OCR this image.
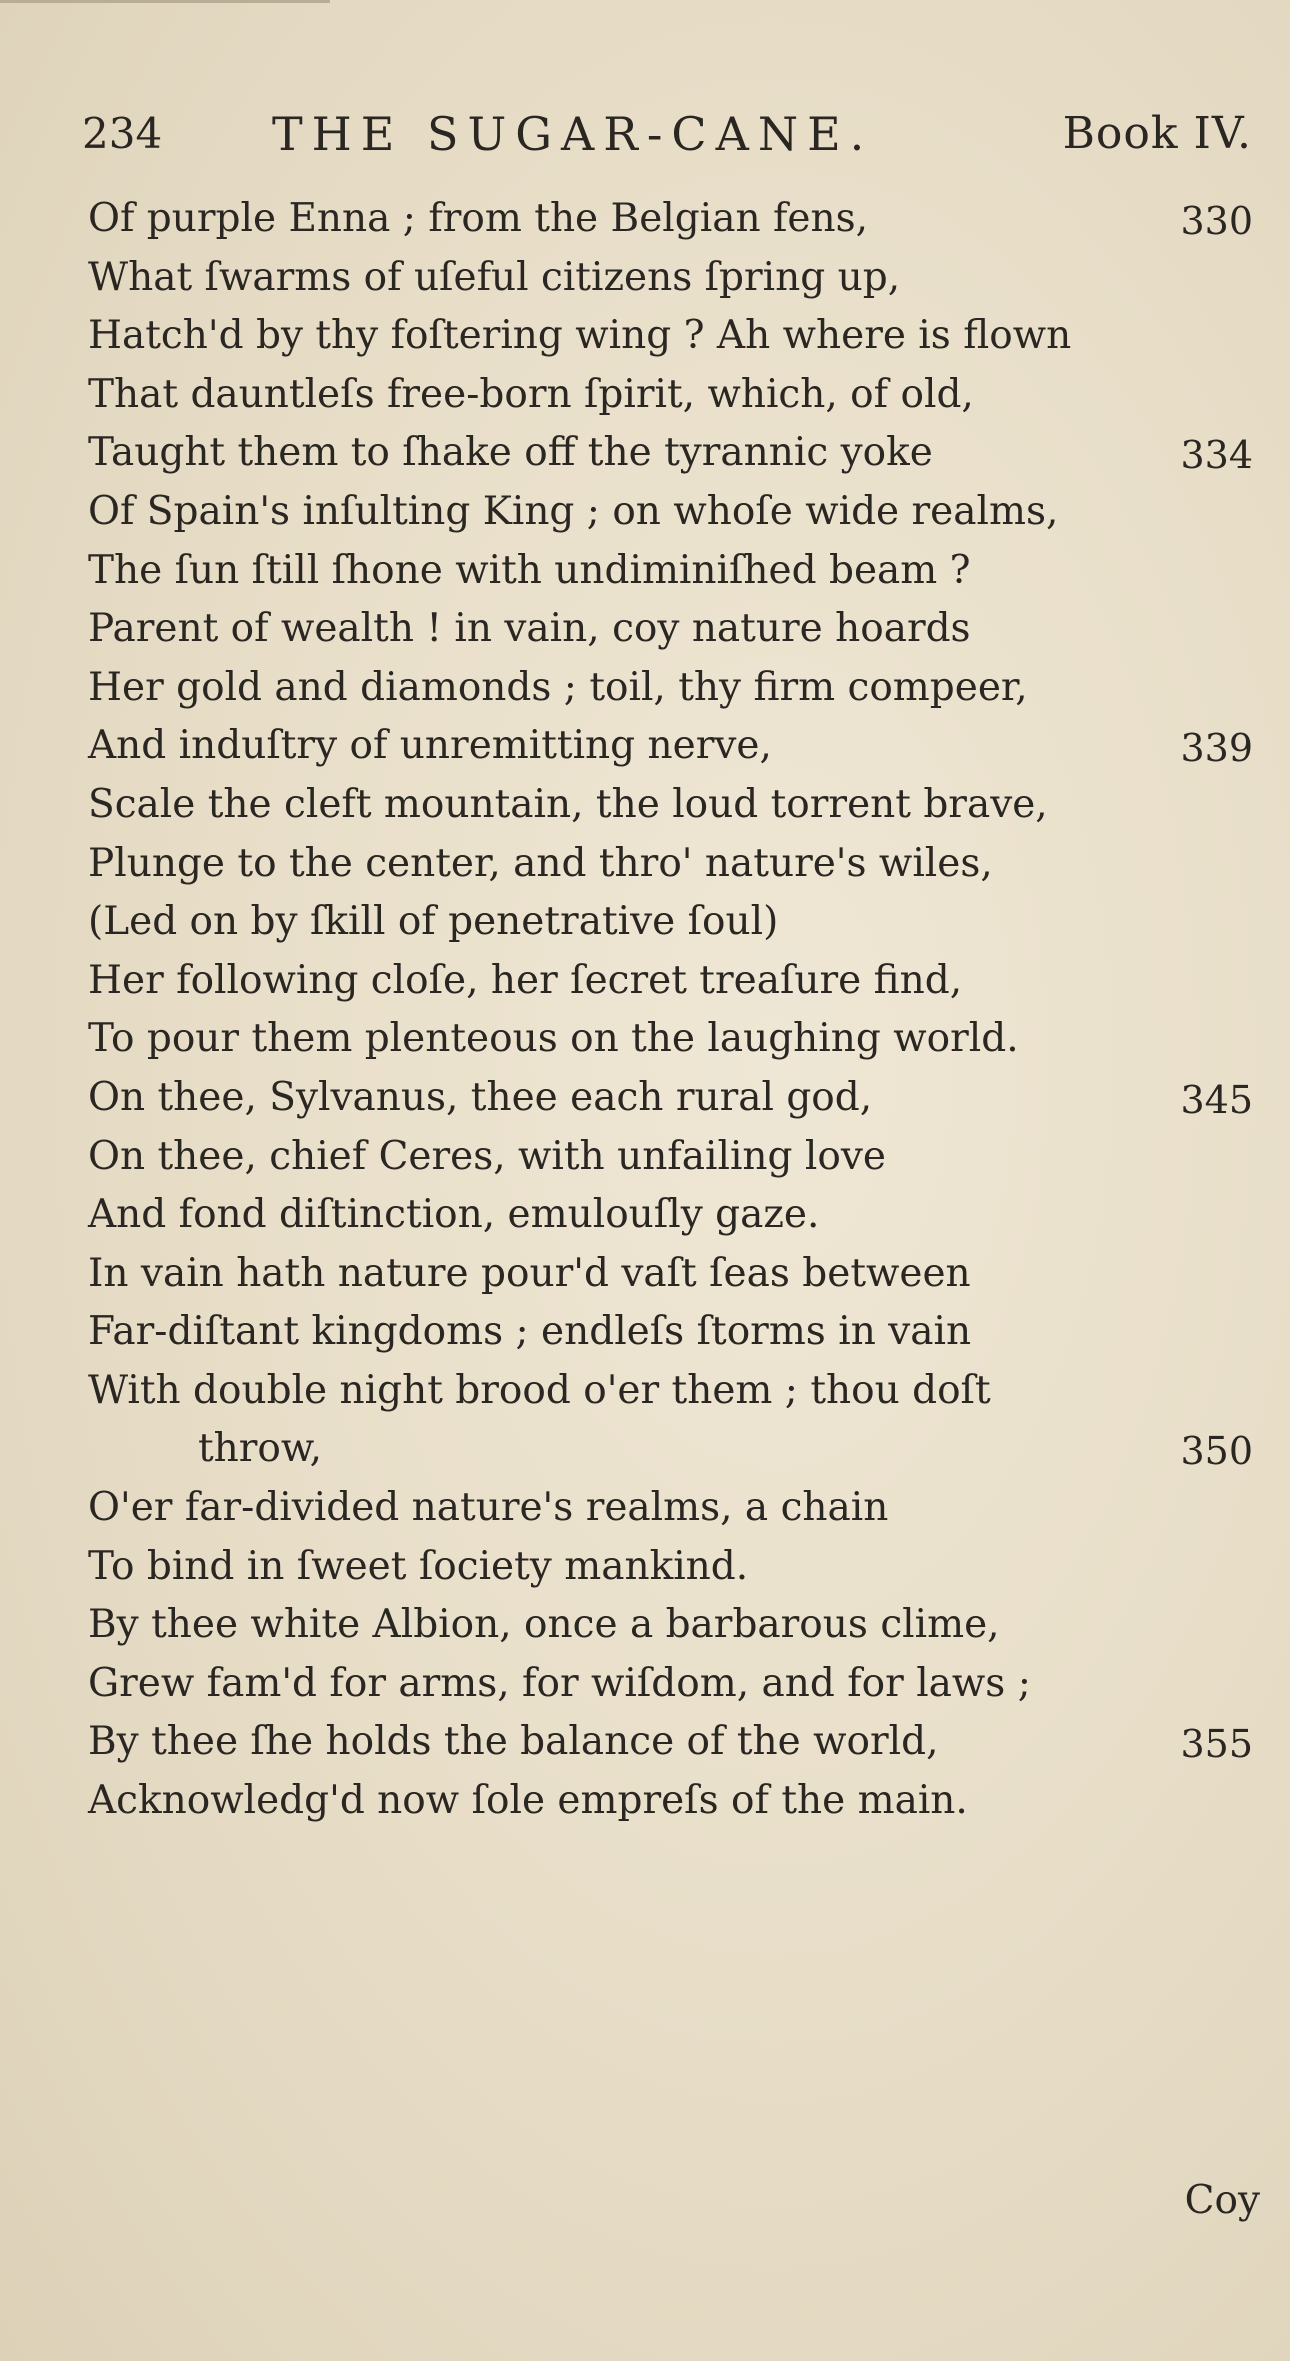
234 THE SUGAR-CANE.	Book IV.
Of purple Enna ; from the Belgian fens,	330
What ſwarms of uſeful citizens ſpring up,
Hatch'd by thy foſtering wing ? Ah where is flown
That dauntleſs free-born ſpirit, which, of old,
Taught them to ſhake off the tyrannic yoke	334
Of Spain's inſulting King ; on whoſe wide realms,
The ſun ſtill ſhone with undiminiſhed beam ?
Parent of wealth ! in vain, coy nature hoards
Her gold and diamonds ; toil, thy firm compeer,
And induſtry of unremitting nerve,	339
Scale the cleft mountain, the loud torrent brave,
Plunge to the center, and thro' nature's wiles,
(Led on by ſkill of penetrative ſoul)
Her following cloſe, her ſecret treaſure find,
To pour them plenteous on the laughing world.
On thee, Sylvanus, thee each rural god,	345
On thee, chief Ceres, with unfailing love
And fond diſtinction, emulouſly gaze.
In vain hath nature pour'd vaſt ſeas between
Far-diſtant kingdoms ; endleſs ſtorms in vain
With double night brood o'er them ; thou doſt
throw,	350
O'er far-divided nature's realms, a chain
To bind in ſweet ſociety mankind.
By thee white Albion, once a barbarous clime,
Grew fam'd for arms, for wiſdom, and for laws ;
By thee ſhe holds the balance of the world,	355
Acknowledg'd now ſole empreſs of the main.
Coy
